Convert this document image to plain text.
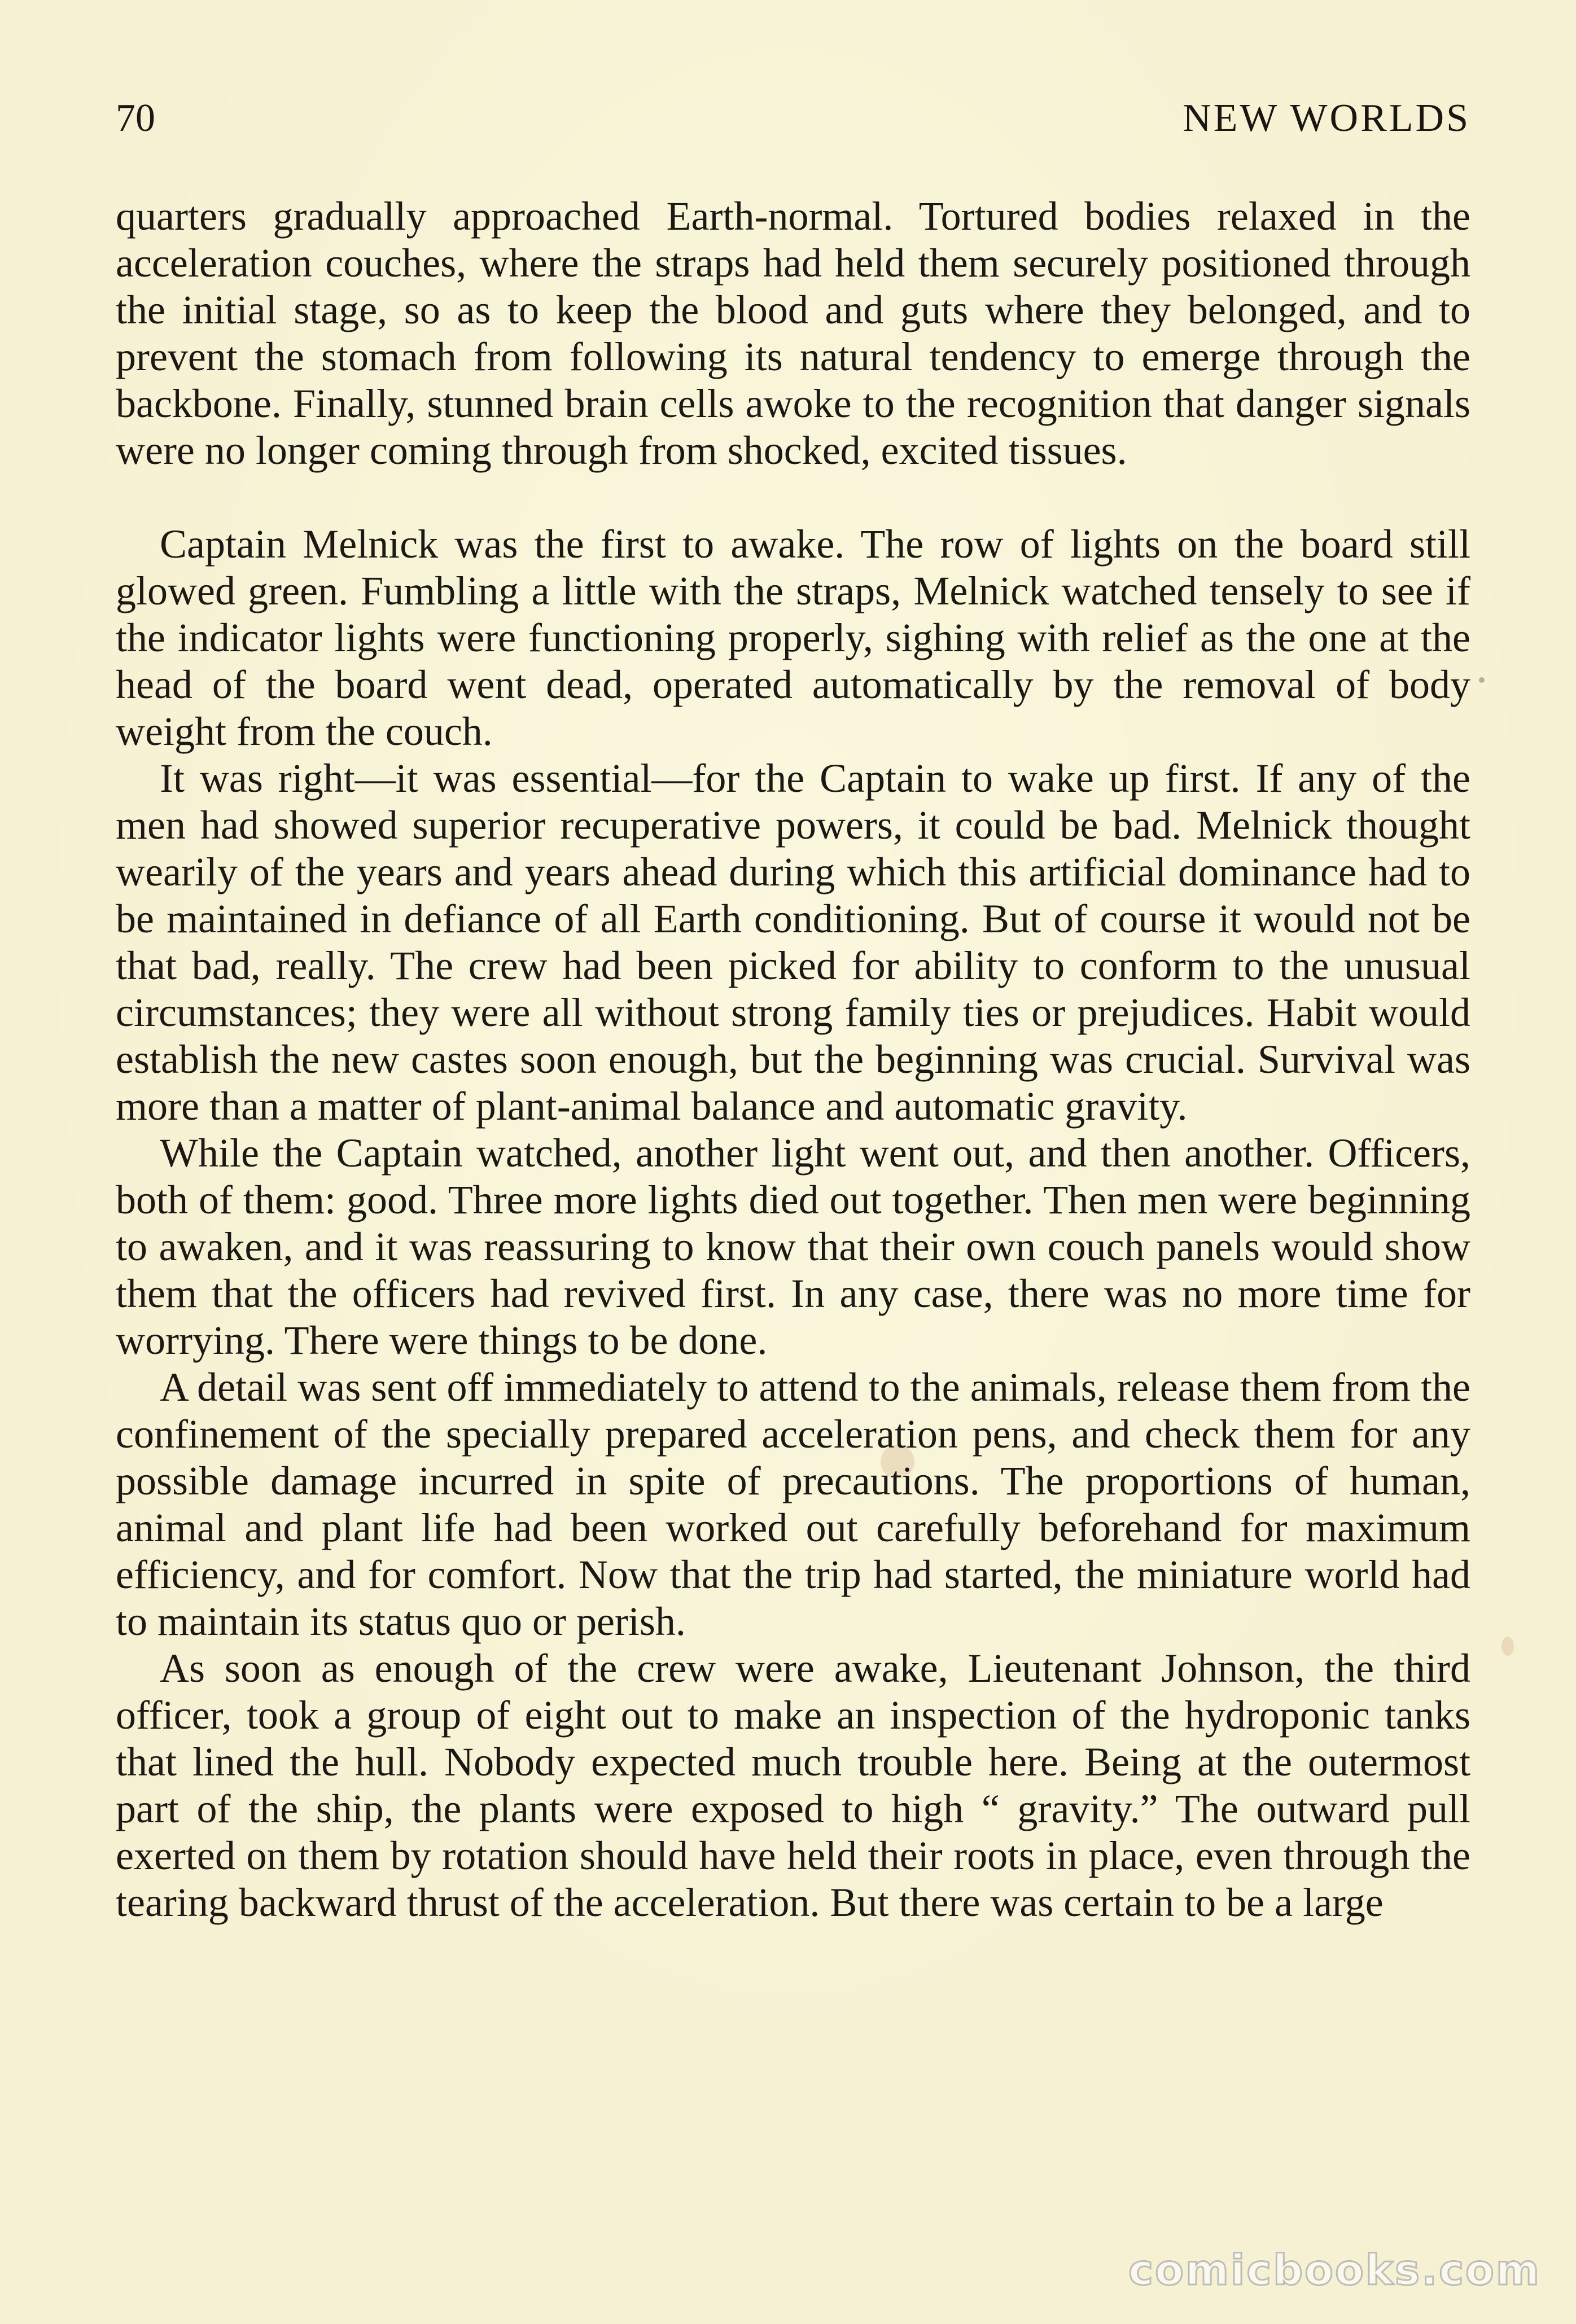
70	NEW WORLDS

quarters gradually approached Earth-normal. Tortured bodies relaxed in the acceleration couches, where the straps had held them securely positioned through the initial stage, so as to keep the blood and guts where they belonged, and to prevent the stomach from following its natural tendency to emerge through the backbone. Finally, stunned brain cells awoke to the recognition that danger signals were no longer coming through from shocked, excited tissues.

Captain Melnick was the first to awake. The row of lights on the board still glowed green. Fumbling a little with the straps, Melnick watched tensely to see if the indicator lights were functioning properly, sighing with relief as the one at the head of the board went dead, operated automatically by the removal of body weight from the couch.

It was right—it was essential—for the Captain to wake up first. If any of the men had showed superior recuperative powers, it could be bad. Melnick thought wearily of the years and years ahead during which this artificial dominance had to be maintained in defiance of all Earth conditioning. But of course it would not be that bad, really. The crew had been picked for ability to conform to the unusual circumstances; they were all without strong family ties or prejudices. Habit would establish the new castes soon enough, but the beginning was crucial. Survival was more than a matter of plant-animal balance and automatic gravity.

While the Captain watched, another light went out, and then another. Officers, both of them: good. Three more lights died out together. Then men were beginning to awaken, and it was reassuring to know that their own couch panels would show them that the officers had revived first. In any case, there was no more time for worrying. There were things to be done.

A detail was sent off immediately to attend to the animals, release them from the confinement of the specially prepared acceleration pens, and check them for any possible damage incurred in spite of precautions. The proportions of human, animal and plant life had been worked out carefully beforehand for maximum efficiency, and for comfort. Now that the trip had started, the miniature world had to maintain its status quo or perish.

As soon as enough of the crew were awake, Lieutenant Johnson, the third officer, took a group of eight out to make an inspection of the hydroponic tanks that lined the hull. Nobody expected much trouble here. Being at the outermost part of the ship, the plants were exposed to high “ gravity.” The outward pull exerted on them by rotation should have held their roots in place, even through the tearing backward thrust of the acceleration. But there was certain to be a large

comicbooks.com
